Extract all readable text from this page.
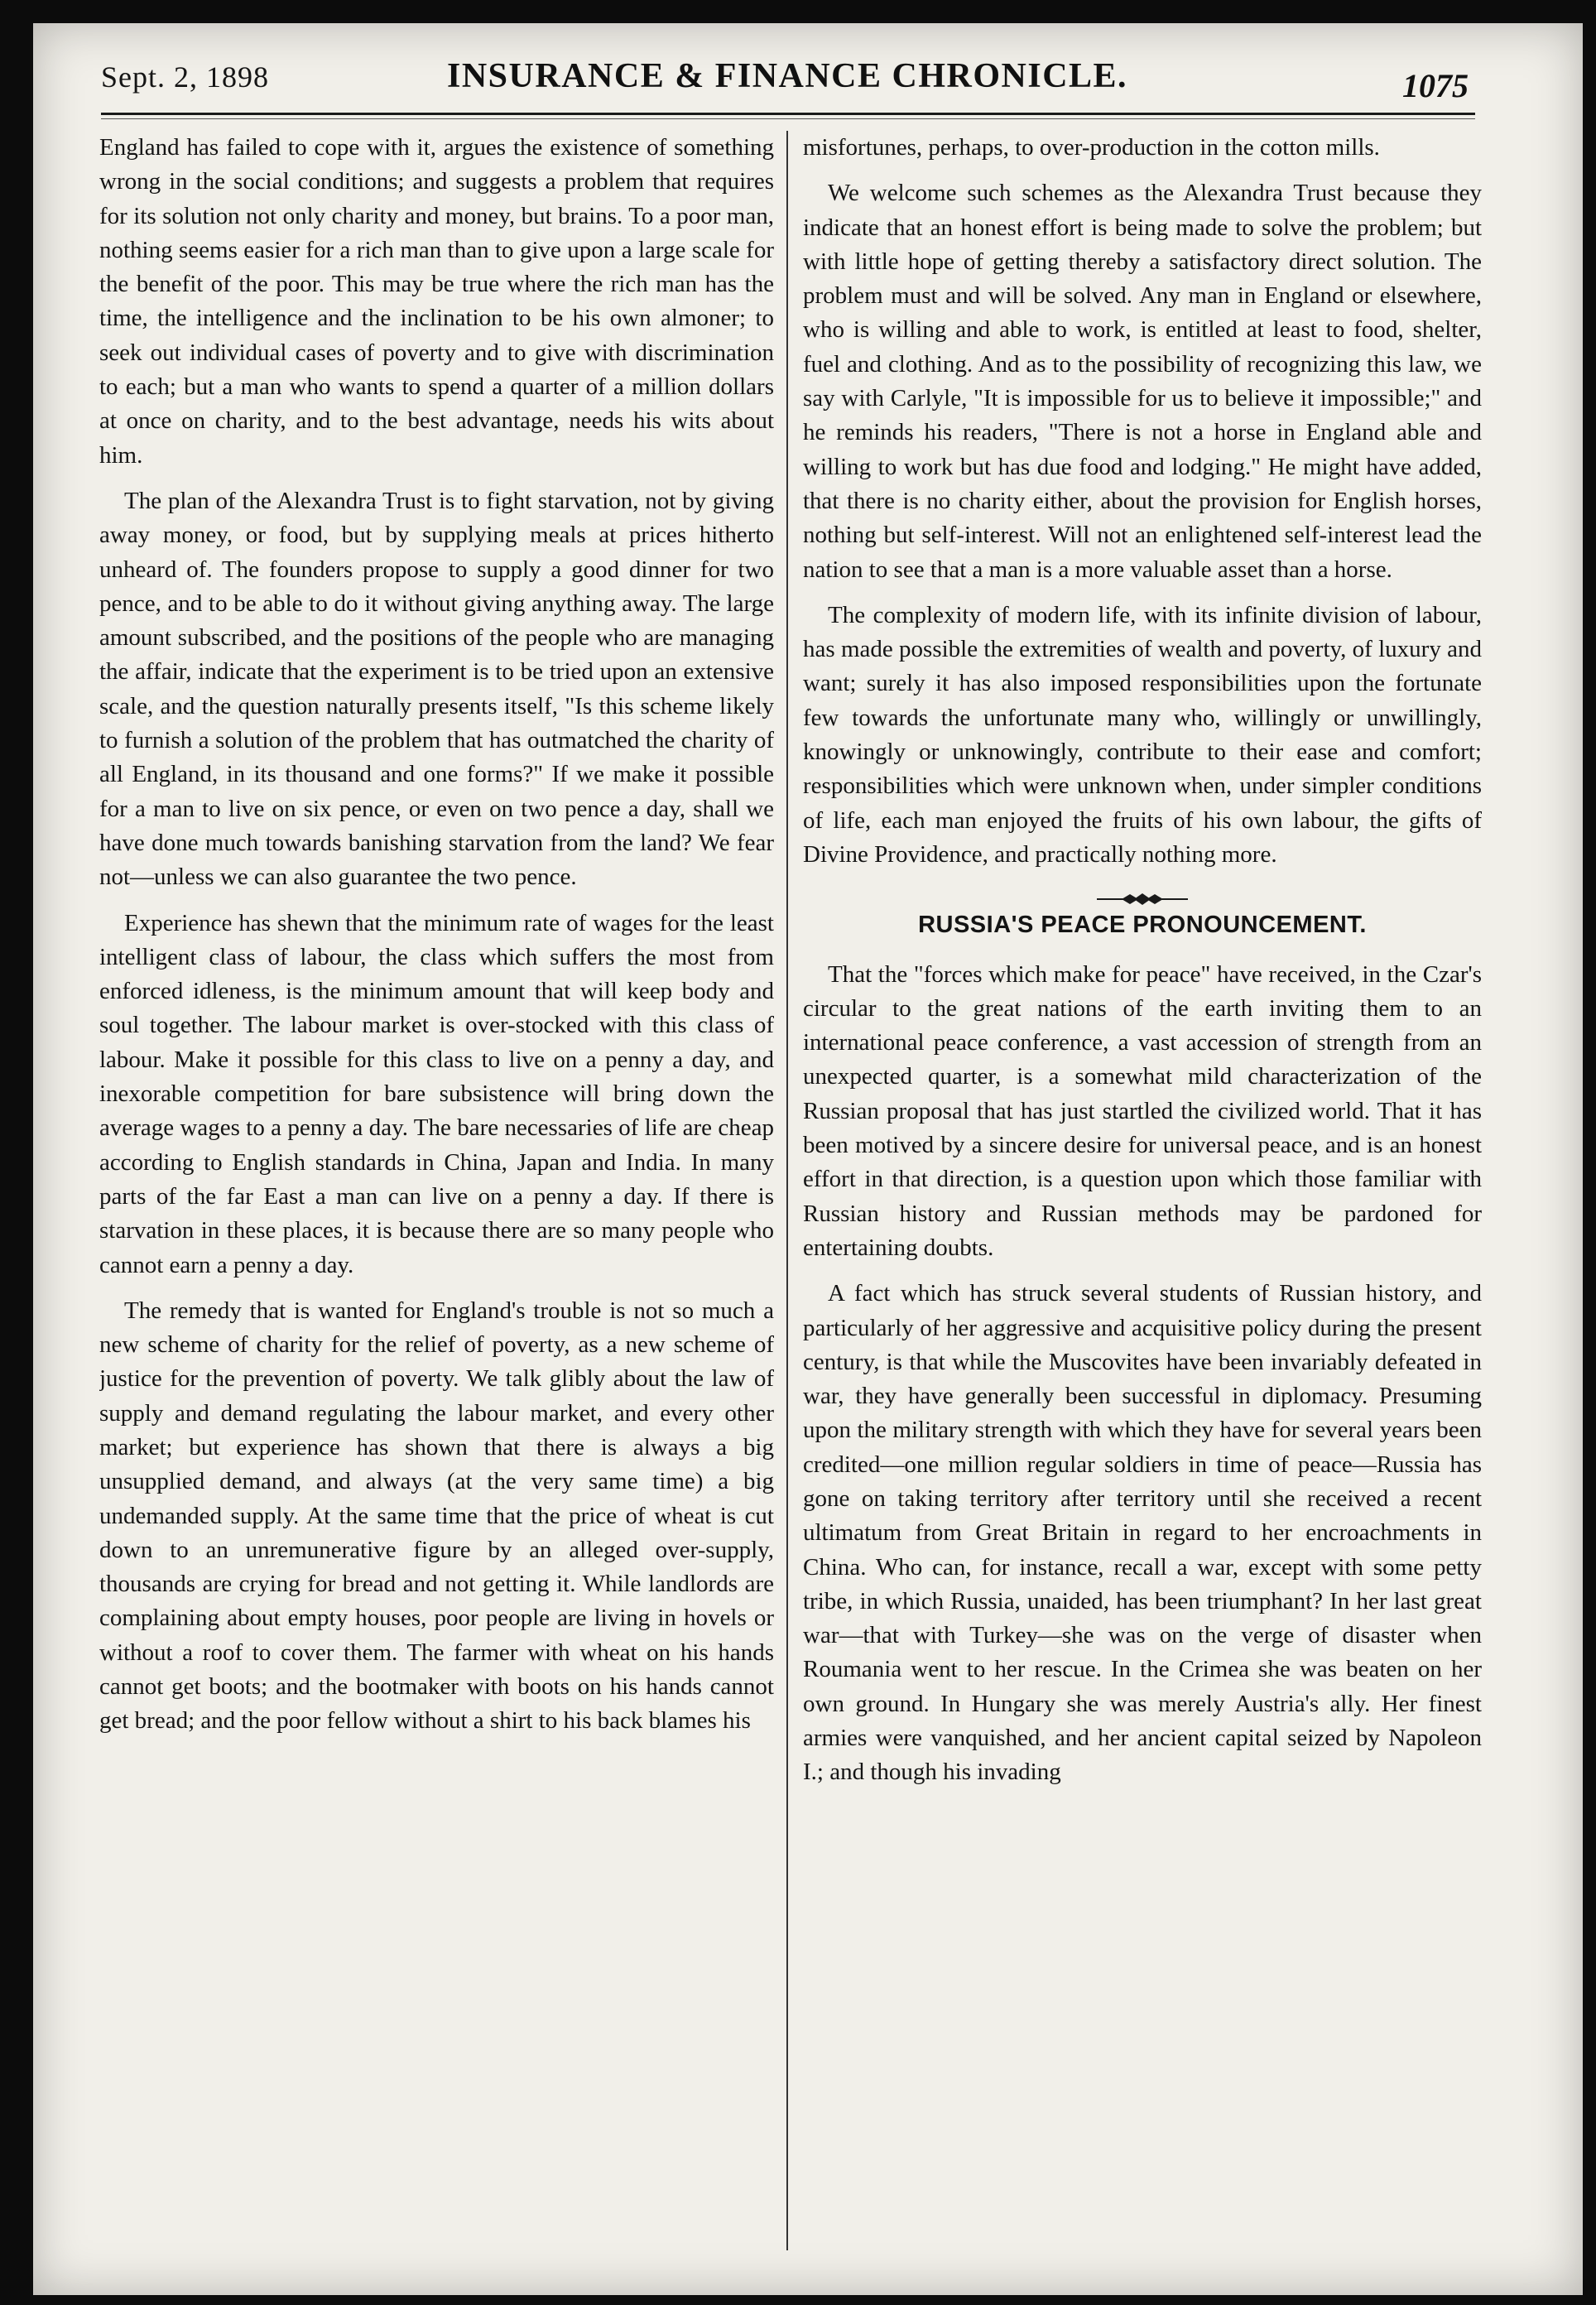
Sept. 2, 1898	INSURANCE & FINANCE CHRONICLE.	1075

England has failed to cope with it, argues the existence of something wrong in the social conditions; and suggests a problem that requires for its solution not only charity and money, but brains. To a poor man, nothing seems easier for a rich man than to give upon a large scale for the benefit of the poor. This may be true where the rich man has the time, the intelligence and the inclination to be his own almoner; to seek out individual cases of poverty and to give with discrimination to each; but a man who wants to spend a quarter of a million dollars at once on charity, and to the best advantage, needs his wits about him.

The plan of the Alexandra Trust is to fight starvation, not by giving away money, or food, but by supplying meals at prices hitherto unheard of. The founders propose to supply a good dinner for two pence, and to be able to do it without giving anything away. The large amount subscribed, and the positions of the people who are managing the affair, indicate that the experiment is to be tried upon an extensive scale, and the question naturally presents itself, "Is this scheme likely to furnish a solution of the problem that has outmatched the charity of all England, in its thousand and one forms?" If we make it possible for a man to live on six pence, or even on two pence a day, shall we have done much towards banishing starvation from the land? We fear not—unless we can also guarantee the two pence.

Experience has shewn that the minimum rate of wages for the least intelligent class of labour, the class which suffers the most from enforced idleness, is the minimum amount that will keep body and soul together. The labour market is over-stocked with this class of labour. Make it possible for this class to live on a penny a day, and inexorable competition for bare subsistence will bring down the average wages to a penny a day. The bare necessaries of life are cheap according to English standards in China, Japan and India. In many parts of the far East a man can live on a penny a day. If there is starvation in these places, it is because there are so many people who cannot earn a penny a day.

The remedy that is wanted for England's trouble is not so much a new scheme of charity for the relief of poverty, as a new scheme of justice for the prevention of poverty. We talk glibly about the law of supply and demand regulating the labour market, and every other market; but experience has shown that there is always a big unsupplied demand, and always (at the very same time) a big undemanded supply. At the same time that the price of wheat is cut down to an unremunerative figure by an alleged over-supply, thousands are crying for bread and not getting it. While landlords are complaining about empty houses, poor people are living in hovels or without a roof to cover them. The farmer with wheat on his hands cannot get boots; and the bootmaker with boots on his hands cannot get bread; and the poor fellow without a shirt to his back blames his

misfortunes, perhaps, to over-production in the cotton mills.

We welcome such schemes as the Alexandra Trust because they indicate that an honest effort is being made to solve the problem; but with little hope of getting thereby a satisfactory direct solution. The problem must and will be solved. Any man in England or elsewhere, who is willing and able to work, is entitled at least to food, shelter, fuel and clothing. And as to the possibility of recognizing this law, we say with Carlyle, "It is impossible for us to believe it impossible;" and he reminds his readers, "There is not a horse in England able and willing to work but has due food and lodging." He might have added, that there is no charity either, about the provision for English horses, nothing but self-interest. Will not an enlightened self-interest lead the nation to see that a man is a more valuable asset than a horse.

The complexity of modern life, with its infinite division of labour, has made possible the extremities of wealth and poverty, of luxury and want; surely it has also imposed responsibilities upon the fortunate few towards the unfortunate many who, willingly or unwillingly, knowingly or unknowingly, contribute to their ease and comfort; responsibilities which were unknown when, under simpler conditions of life, each man enjoyed the fruits of his own labour, the gifts of Divine Providence, and practically nothing more.

RUSSIA'S PEACE PRONOUNCEMENT.

That the "forces which make for peace" have received, in the Czar's circular to the great nations of the earth inviting them to an international peace conference, a vast accession of strength from an unexpected quarter, is a somewhat mild characterization of the Russian proposal that has just startled the civilized world. That it has been motived by a sincere desire for universal peace, and is an honest effort in that direction, is a question upon which those familiar with Russian history and Russian methods may be pardoned for entertaining doubts.

A fact which has struck several students of Russian history, and particularly of her aggressive and acquisitive policy during the present century, is that while the Muscovites have been invariably defeated in war, they have generally been successful in diplomacy. Presuming upon the military strength with which they have for several years been credited—one million regular soldiers in time of peace—Russia has gone on taking territory after territory until she received a recent ultimatum from Great Britain in regard to her encroachments in China. Who can, for instance, recall a war, except with some petty tribe, in which Russia, unaided, has been triumphant? In her last great war—that with Turkey—she was on the verge of disaster when Roumania went to her rescue. In the Crimea she was beaten on her own ground. In Hungary she was merely Austria's ally. Her finest armies were vanquished, and her ancient capital seized by Napoleon I.; and though his invading
